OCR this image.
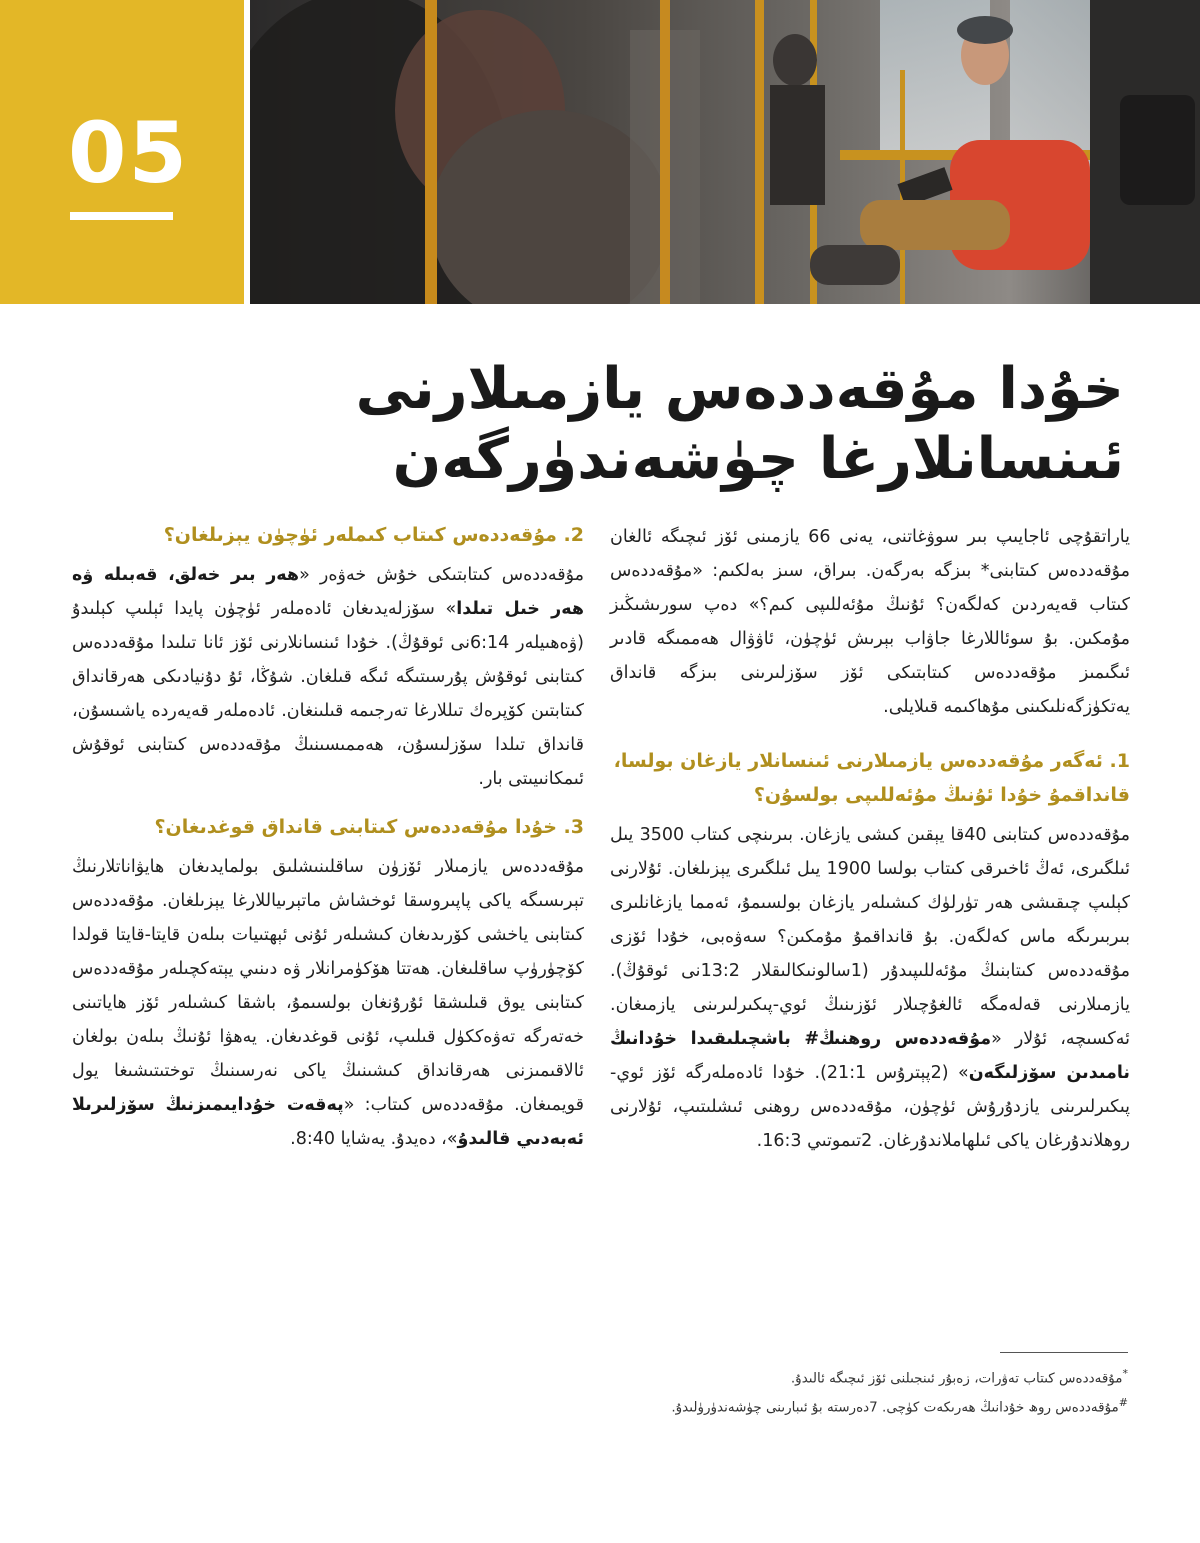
05
خۇدا مۇقەددەس يازمىلارنى
ئىنسانلارغا چۈشەندۈرگەن
ياراتقۇچى ئاجايىپ بىر سوۋغاتنى، يەنى 66 يازمىنى ئۆز ئىچىگە ئالغان مۇقەددەس كىتابنى* بىزگە بەرگەن. بىراق، سىز بەلكىم: «مۇقەددەس كىتاب قەيەردىن كەلگەن؟ ئۇنىڭ مۇئەللىپى كىم؟» دەپ سورىشىڭىز مۇمكىن. بۇ سوئاللارغا جاۋاب بېرىش ئۈچۈن، ئاۋۋال ھەممىگە قادىر ئىگىمىز مۇقەددەس كىتابتىكى ئۆز سۆزلىرىنى بىزگە قانداق يەتكۈزگەنلىكىنى مۇھاكىمە قىلايلى.
1. ئەگەر مۇقەددەس يازمىلارنى ئىنسانلار يازغان بولسا، قانداقمۇ خۇدا ئۇنىڭ مۇئەللىپى بولسۇن؟
مۇقەددەس كىتابنى 40قا يېقىن كىشى يازغان. بىرىنچى كىتاب 3500 يىل ئىلگىرى، ئەڭ ئاخىرقى كىتاب بولسا 1900 يىل ئىلگىرى يېزىلغان. ئۇلارنى كېلىپ چىقىشى ھەر تۈرلۈك كىشىلەر يازغان بولسىمۇ، ئەمما يازغانلىرى بىربىرىگە ماس كەلگەن. بۇ قانداقمۇ مۇمكىن؟ سەۋەبى، خۇدا ئۆزى مۇقەددەس كىتابنىڭ مۇئەللىپىدۇر (1سالونىكالىقلار 13:2نى ئوقۇڭ). يازمىلارنى قەلەمگە ئالغۇچىلار ئۆزىنىڭ ئوي-پىكىرلىرىنى يازمىغان. ئەكسىچە، ئۇلار «مۇقەددەس روھنىڭ# باشچىلىقىدا خۇدانىڭ نامىدىن سۆزلىگەن» (2پېترۇس 21:1). خۇدا ئادەملەرگە ئۆز ئوي-پىكىرلىرىنى يازدۇرۇش ئۈچۈن، مۇقەددەس روھنى ئىشلىتىپ، ئۇلارنى روھلاندۇرغان ياكى ئىلھاملاندۇرغان. 2تىموتىي 16:3.
2. مۇقەددەس كىتاب كىملەر ئۈچۈن يېزىلغان؟
مۇقەددەس كىتابتىكى خۇش خەۋەر «ھەر بىر خەلق، قەبىلە ۋە ھەر خىل تىلدا» سۆزلەيدىغان ئادەملەر ئۈچۈن پايدا ئېلىپ كېلىدۇ (ۋەھىيلەر 6:14نى ئوقۇڭ). خۇدا ئىنسانلارنى ئۆز ئانا تىلىدا مۇقەددەس كىتابنى ئوقۇش پۇرسىتىگە ئىگە قىلغان. شۇڭا، ئۇ دۇنيادىكى ھەرقانداق كىتابتىن كۆپرەك تىللارغا تەرجىمە قىلىنغان. ئادەملەر قەيەردە ياشىسۇن، قانداق تىلدا سۆزلىسۇن، ھەممىسىنىڭ مۇقەددەس كىتابنى ئوقۇش ئىمكانىيىتى بار.
3. خۇدا مۇقەددەس كىتابنى قانداق قوغدىغان؟
مۇقەددەس يازمىلار ئۆزۈن ساقلىنىشلىق بولمايدىغان ھايۋاناتلارنىڭ تېرىسىگە ياكى پاپىروسقا ئوخشاش ماتېرىياللارغا يېزىلغان. مۇقەددەس كىتابنى ياخشى كۆرىدىغان كىشىلەر ئۇنى ئېھتىيات بىلەن قايتا-قايتا قولدا كۆچۈرۈپ ساقلىغان. ھەتتا ھۆكۈمرانلار ۋە دىنىي يېتەكچىلەر مۇقەددەس كىتابنى يوق قىلىشقا ئۇرۇنغان بولسىمۇ، باشقا كىشىلەر ئۆز ھاياتىنى خەتەرگە تەۋەككۈل قىلىپ، ئۇنى قوغدىغان. يەھۋا ئۇنىڭ بىلەن بولغان ئالاقىمىزنى ھەرقانداق كىشىنىڭ ياكى نەرسىنىڭ توختىتىشىغا يول قويمىغان. مۇقەددەس كىتاب: «پەقەت خۇدايىمىزنىڭ سۆزلىرىلا ئەبەدىي قالىدۇ»، دەيدۇ. يەشايا 8:40.
*مۇقەددەس كىتاب تەۋرات، زەبۇر ئىنجىلنى ئۆز ئىچىگە ئالىدۇ.
#مۇقەددەس روھ خۇدانىڭ ھەرىكەت كۈچى. 7دەرستە بۇ ئىبارىنى چۈشەندۈرۈلىدۇ.
